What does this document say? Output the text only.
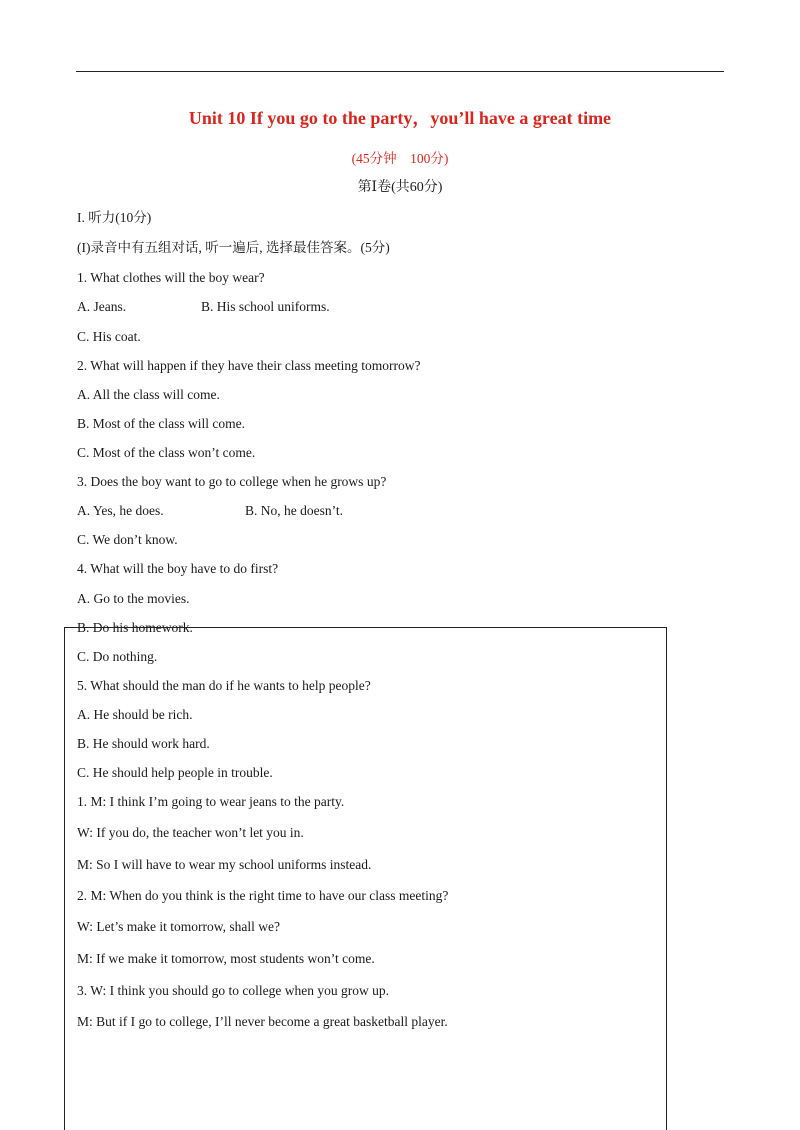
Unit 10 If you go to the party，you’ll have a great time
(45分钟　100分)
第Ⅰ卷(共60分)
I. 听力(10分)
(I)录音中有五组对话, 听一遍后, 选择最佳答案。(5分)
1. What clothes will the boy wear?
A. Jeans.	B. His school uniforms.
C. His coat.
2. What will happen if they have their class meeting tomorrow?
A. All the class will come.
B. Most of the class will come.
C. Most of the class won’t come.
3. Does the boy want to go to college when he grows up?
A. Yes, he does.	B. No, he doesn’t.
C. We don’t know.
4. What will the boy have to do first?
A. Go to the movies.
B. Do his homework.
C. Do nothing.
5. What should the man do if he wants to help people?
A. He should be rich.
B. He should work hard.
C. He should help people in trouble.
1. M: I think I’m going to wear jeans to the party.
W: If you do, the teacher won’t let you in.
M: So I will have to wear my school uniforms instead.
2. M: When do you think is the right time to have our class meeting?
W: Let’s make it tomorrow, shall we?
M: If we make it tomorrow, most students won’t come.
3. W: I think you should go to college when you grow up.
M: But if I go to college, I’ll never become a great basketball player.
